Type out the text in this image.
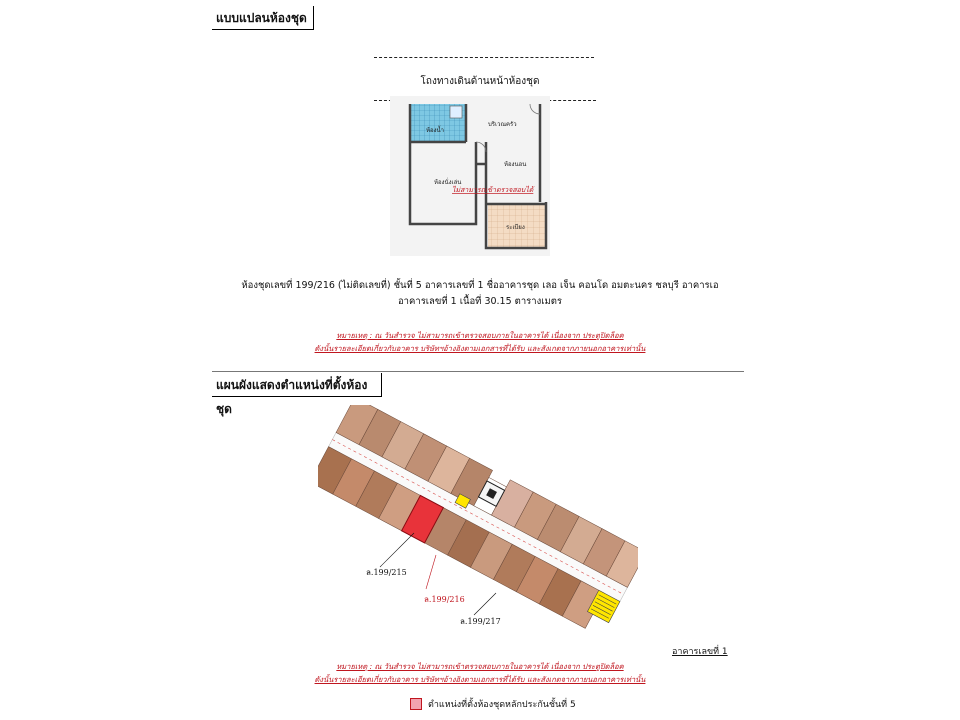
แบบแปลนห้องชุด
โถงทางเดินด้านหน้าห้องชุด
ห้องน้ำ
บริเวณครัว
ห้องนอน
ห้องนั่งเล่น
ไม่สามารถเข้าตรวจสอบได้
ระเบียง
ห้องชุดเลขที่ 199/216 (ไม่ติดเลขที่) ชั้นที่ 5 อาคารเลขที่ 1 ชื่ออาคารชุด เลอ เจ็น คอนโด อมตะนคร ชลบุรี อาคารเอ
อาคารเลขที่ 1 เนื้อที่ 30.15 ตารางเมตร
หมายเหตุ : ณ วันสำรวจ ไม่สามารถเข้าตรวจสอบภายในอาคารได้ เนื่องจาก ประตูปิดล็อค
ดังนั้นรายละเอียดเกี่ยวกับอาคาร บริษัทฯอ้างอิงตามเอกสารที่ได้รับ และสังเกตจากภายนอกอาคารเท่านั้น
แผนผังแสดงตำแหน่งที่ตั้งห้องชุด
ล.199/215
ล.199/216
ล.199/217
อาคารเลขที่ 1
หมายเหตุ : ณ วันสำรวจ ไม่สามารถเข้าตรวจสอบภายในอาคารได้ เนื่องจาก ประตูปิดล็อค
ดังนั้นรายละเอียดเกี่ยวกับอาคาร บริษัทฯอ้างอิงตามเอกสารที่ได้รับ และสังเกตจากภายนอกอาคารเท่านั้น
ตำแหน่งที่ตั้งห้องชุดหลักประกันชั้นที่ 5
